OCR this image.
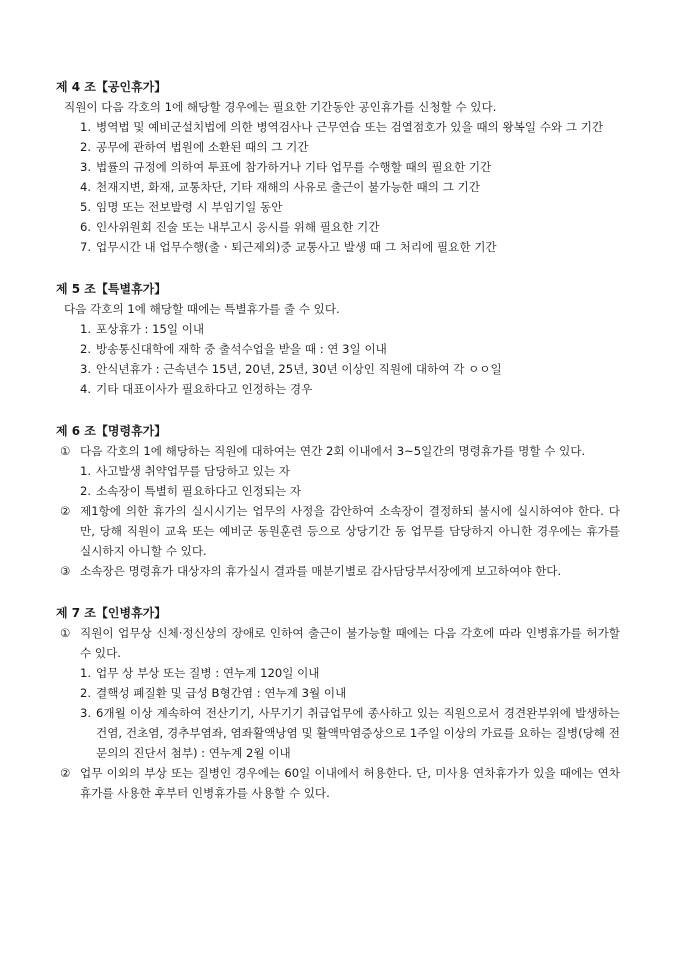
제 4 조【공인휴가】
직원이 다음 각호의 1에 해당할 경우에는 필요한 기간동안 공인휴가를 신청할 수 있다.
1. 병역법 및 예비군설치법에 의한 병역검사나 근무연습 또는 검열점호가 있을 때의 왕복일 수와 그 기간
2. 공무에 관하여 법원에 소환된 때의 그 기간
3. 법률의 규정에 의하여 투표에 참가하거나 기타 업무를 수행할 때의 필요한 기간
4. 천재지변, 화재, 교통차단, 기타 재해의 사유로 출근이 불가능한 때의 그 기간
5. 임명 또는 전보발령 시 부임기일 동안
6. 인사위원회 진술 또는 내부고시 응시를 위해 필요한 기간
7. 업무시간 내 업무수행(출ㆍ퇴근제외)중 교통사고 발생 때 그 처리에 필요한 기간
제 5 조【특별휴가】
다음 각호의 1에 해당할 때에는 특별휴가를 줄 수 있다.
1. 포상휴가 : 15일 이내
2. 방송통신대학에 재학 중 출석수업을 받을 때 : 연 3일 이내
3. 안식년휴가 : 근속년수 15년, 20년, 25년, 30년 이상인 직원에 대하여 각 ㅇㅇ일
4. 기타 대표이사가 필요하다고 인정하는 경우
제 6 조【명령휴가】
① 다음 각호의 1에 해당하는 직원에 대하여는 연간 2회 이내에서 3~5일간의 명령휴가를 명할 수 있다.
1. 사고발생 취약업무를 담당하고 있는 자
2. 소속장이 특별히 필요하다고 인정되는 자
② 제1항에 의한 휴가의 실시시기는 업무의 사정을 감안하여 소속장이 결정하되 불시에 실시하여야 한다. 다만, 당해 직원이 교육 또는 예비군 동원훈련 등으로 상당기간 동 업무를 담당하지 아니한 경우에는 휴가를 실시하지 아니할 수 있다.
③ 소속장은 명령휴가 대상자의 휴가실시 결과를 매분기별로 감사담당부서장에게 보고하여야 한다.
제 7 조【인병휴가】
① 직원이 업무상 신체·정신상의 장애로 인하여 출근이 불가능할 때에는 다음 각호에 따라 인병휴가를 허가할 수 있다.
1. 업무 상 부상 또는 질병 : 연누계 120일 이내
2. 결핵성 폐질환 및 급성 B형간염 : 연누계 3월 이내
3. 6개월 이상 계속하여 전산기기, 사무기기 취급업무에 종사하고 있는 직원으로서 경견완부위에 발생하는 건염, 건초염, 경추부염좌, 염좌활액낭염 및 활액막염증상으로 1주일 이상의 가료를 요하는 질병(당해 전문의의 진단서 첨부) : 연누계 2월 이내
② 업무 이외의 부상 또는 질병인 경우에는 60일 이내에서 허용한다. 단, 미사용 연차휴가가 있을 때에는 연차휴가를 사용한 후부터 인병휴가를 사용할 수 있다.
